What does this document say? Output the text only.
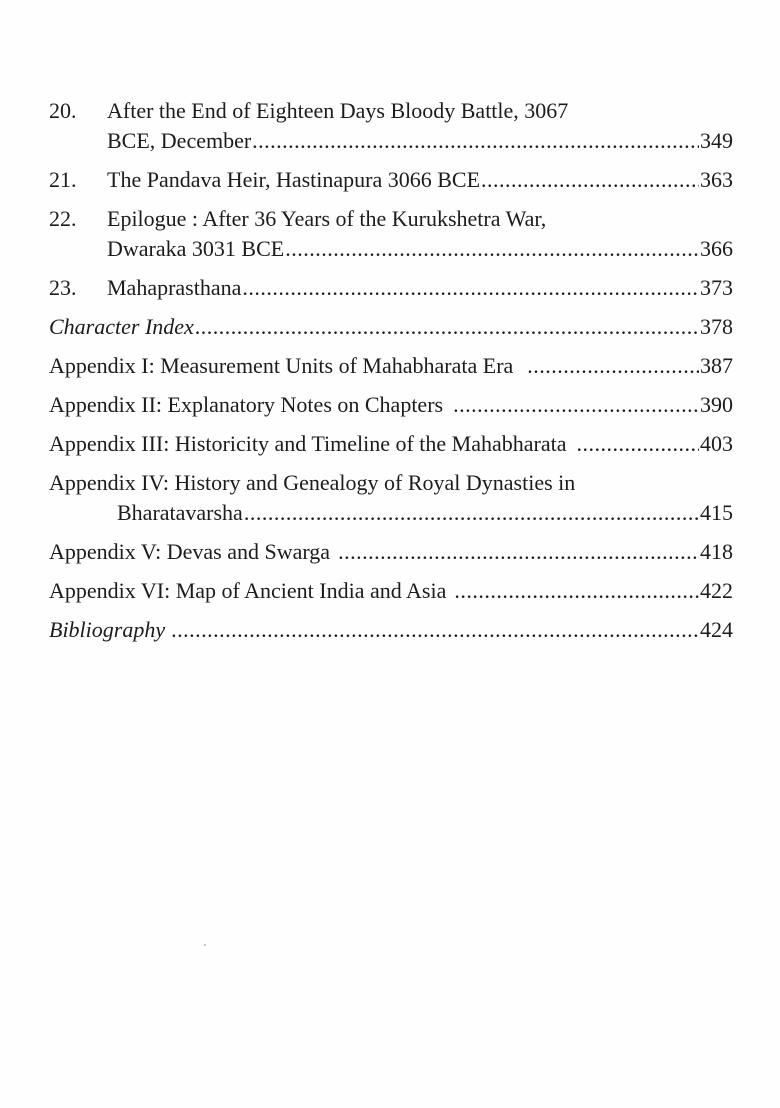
20.	After the End of Eighteen Days Bloody Battle, 3067
BCE, December .....	349
21. The Pandava Heir, Hastinapura 3066 BCE .....	363
22.	Epilogue : After 36 Years of the Kurukshetra War,
Dwaraka 3031 BCE .....	366
23. Mahaprasthana .....	373
Character Index .....	378
Appendix I: Measurement Units of Mahabharata Era .....	387
Appendix II: Explanatory Notes on Chapters .....	390
Appendix III: Historicity and Timeline of the Mahabharata .....	403
Appendix IV: History and Genealogy of Royal Dynasties in
Bharatavarsha .....	415
Appendix V: Devas and Swarga .....	418
Appendix VI: Map of Ancient India and Asia .....	422
Bibliography .....	424
